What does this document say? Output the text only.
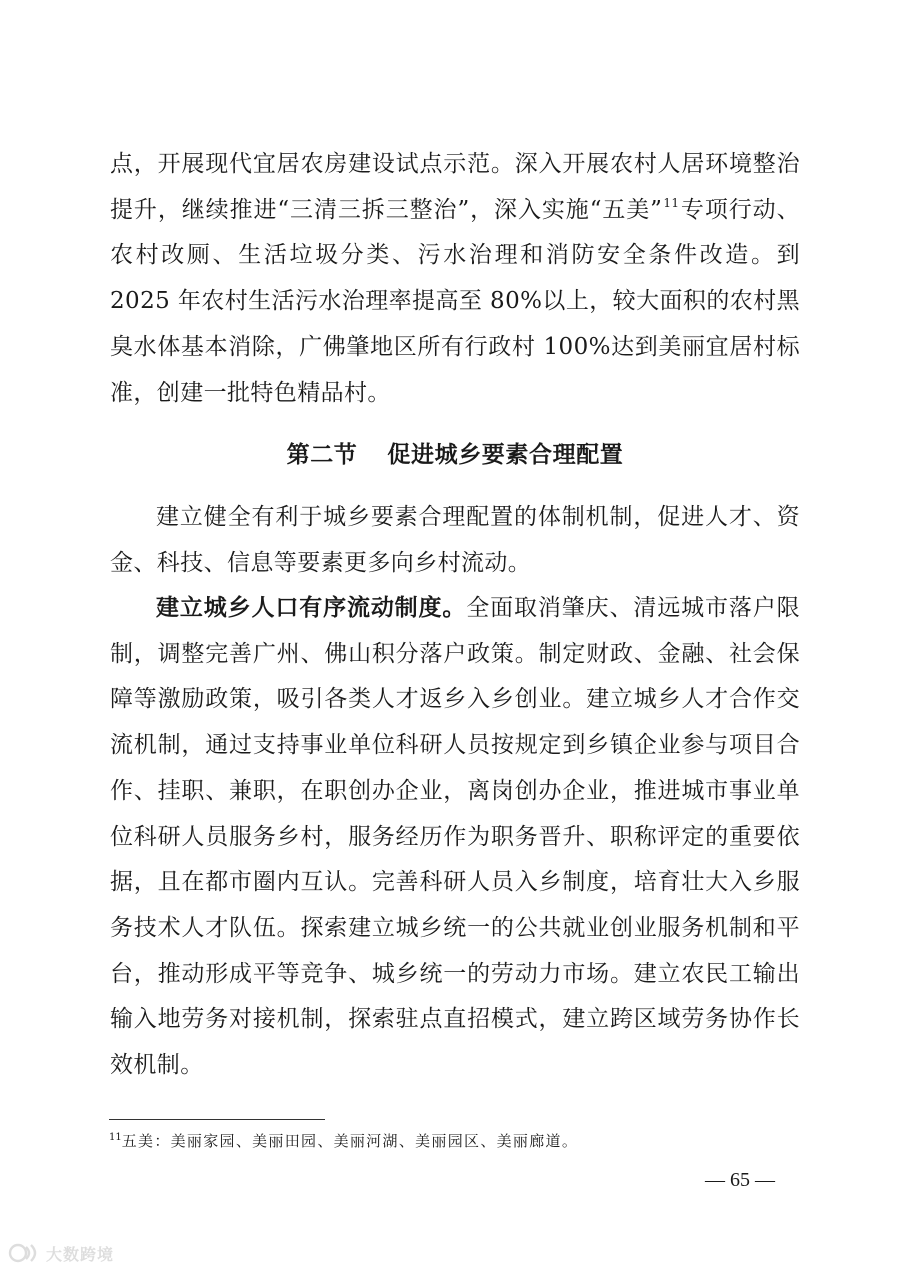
点，开展现代宜居农房建设试点示范。深入开展农村人居环境整治提升，继续推进“三清三拆三整治”，深入实施“五美”$^{11}$专项行动、农村改厕、生活垃圾分类、污水治理和消防安全条件改造。到 2025 年农村生活污水治理率提高至 80%以上，较大面积的农村黑臭水体基本消除，广佛肇地区所有行政村 100%达到美丽宜居村标准，创建一批特色精品村。

第二节 促进城乡要素合理配置

建立健全有利于城乡要素合理配置的体制机制，促进人才、资金、科技、信息等要素更多向乡村流动。

建立城乡人口有序流动制度。全面取消肇庆、清远城市落户限制，调整完善广州、佛山积分落户政策。制定财政、金融、社会保障等激励政策，吸引各类人才返乡入乡创业。建立城乡人才合作交流机制，通过支持事业单位科研人员按规定到乡镇企业参与项目合作、挂职、兼职，在职创办企业，离岗创办企业，推进城市事业单位科研人员服务乡村，服务经历作为职务晋升、职称评定的重要依据，且在都市圈内互认。完善科研人员入乡制度，培育壮大入乡服务技术人才队伍。探索建立城乡统一的公共就业创业服务机制和平台，推动形成平等竞争、城乡统一的劳动力市场。建立农民工输出输入地劳务对接机制，探索驻点直招模式，建立跨区域劳务协作长效机制。

$^{11}$五美：美丽家园、美丽田园、美丽河湖、美丽园区、美丽廊道。
— 65 —
大数跨境
